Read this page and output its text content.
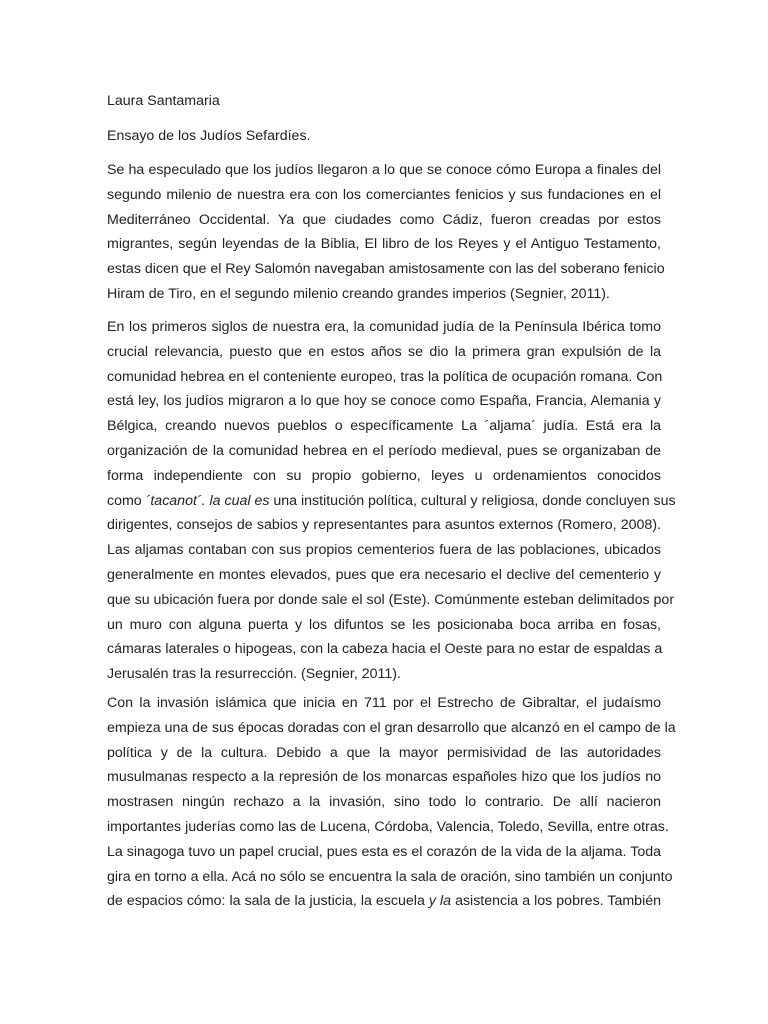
Laura Santamaria
Ensayo de los Judíos Sefardíes.
Se ha especulado que los judíos llegaron a lo que se conoce cómo Europa a finales del
segundo milenio de nuestra era con los comerciantes fenicios y sus fundaciones en el
Mediterráneo Occidental. Ya que ciudades como Cádiz, fueron creadas por estos
migrantes, según leyendas de la Biblia, El libro de los Reyes y el Antiguo Testamento,
estas dicen que el Rey Salomón navegaban amistosamente con las del soberano fenicio
Hiram de Tiro, en el segundo milenio creando grandes imperios (Segnier, 2011).
En los primeros siglos de nuestra era, la comunidad judía de la Península Ibérica tomo
crucial relevancia, puesto que en estos años se dio la primera gran expulsión de la
comunidad hebrea en el conteniente europeo, tras la política de ocupación romana. Con
está ley, los judíos migraron a lo que hoy se conoce como España, Francia, Alemania y
Bélgica, creando nuevos pueblos o específicamente La ´aljama´ judía. Está era la
organización de la comunidad hebrea en el período medieval, pues se organizaban de
forma independiente con su propio gobierno, leyes u ordenamientos conocidos
como ´tacanot´. la cual es una institución política, cultural y religiosa, donde concluyen sus
dirigentes, consejos de sabios y representantes para asuntos externos (Romero, 2008).
Las aljamas contaban con sus propios cementerios fuera de las poblaciones, ubicados
generalmente en montes elevados, pues que era necesario el declive del cementerio y
que su ubicación fuera por donde sale el sol (Este). Comúnmente esteban delimitados por
un muro con alguna puerta y los difuntos se les posicionaba boca arriba en fosas,
cámaras laterales o hipogeas, con la cabeza hacia el Oeste para no estar de espaldas a
Jerusalén tras la resurrección. (Segnier, 2011).
Con la invasión islámica que inicia en 711 por el Estrecho de Gibraltar, el judaísmo
empieza una de sus épocas doradas con el gran desarrollo que alcanzó en el campo de la
política y de la cultura. Debido a que la mayor permisividad de las autoridades
musulmanas respecto a la represión de los monarcas españoles hizo que los judíos no
mostrasen ningún rechazo a la invasión, sino todo lo contrario. De allí nacieron
importantes juderías como las de Lucena, Córdoba, Valencia, Toledo, Sevilla, entre otras.
La sinagoga tuvo un papel crucial, pues esta es el corazón de la vida de la aljama. Toda
gira en torno a ella. Acá no sólo se encuentra la sala de oración, sino también un conjunto
de espacios cómo: la sala de la justicia, la escuela y la asistencia a los pobres. También
